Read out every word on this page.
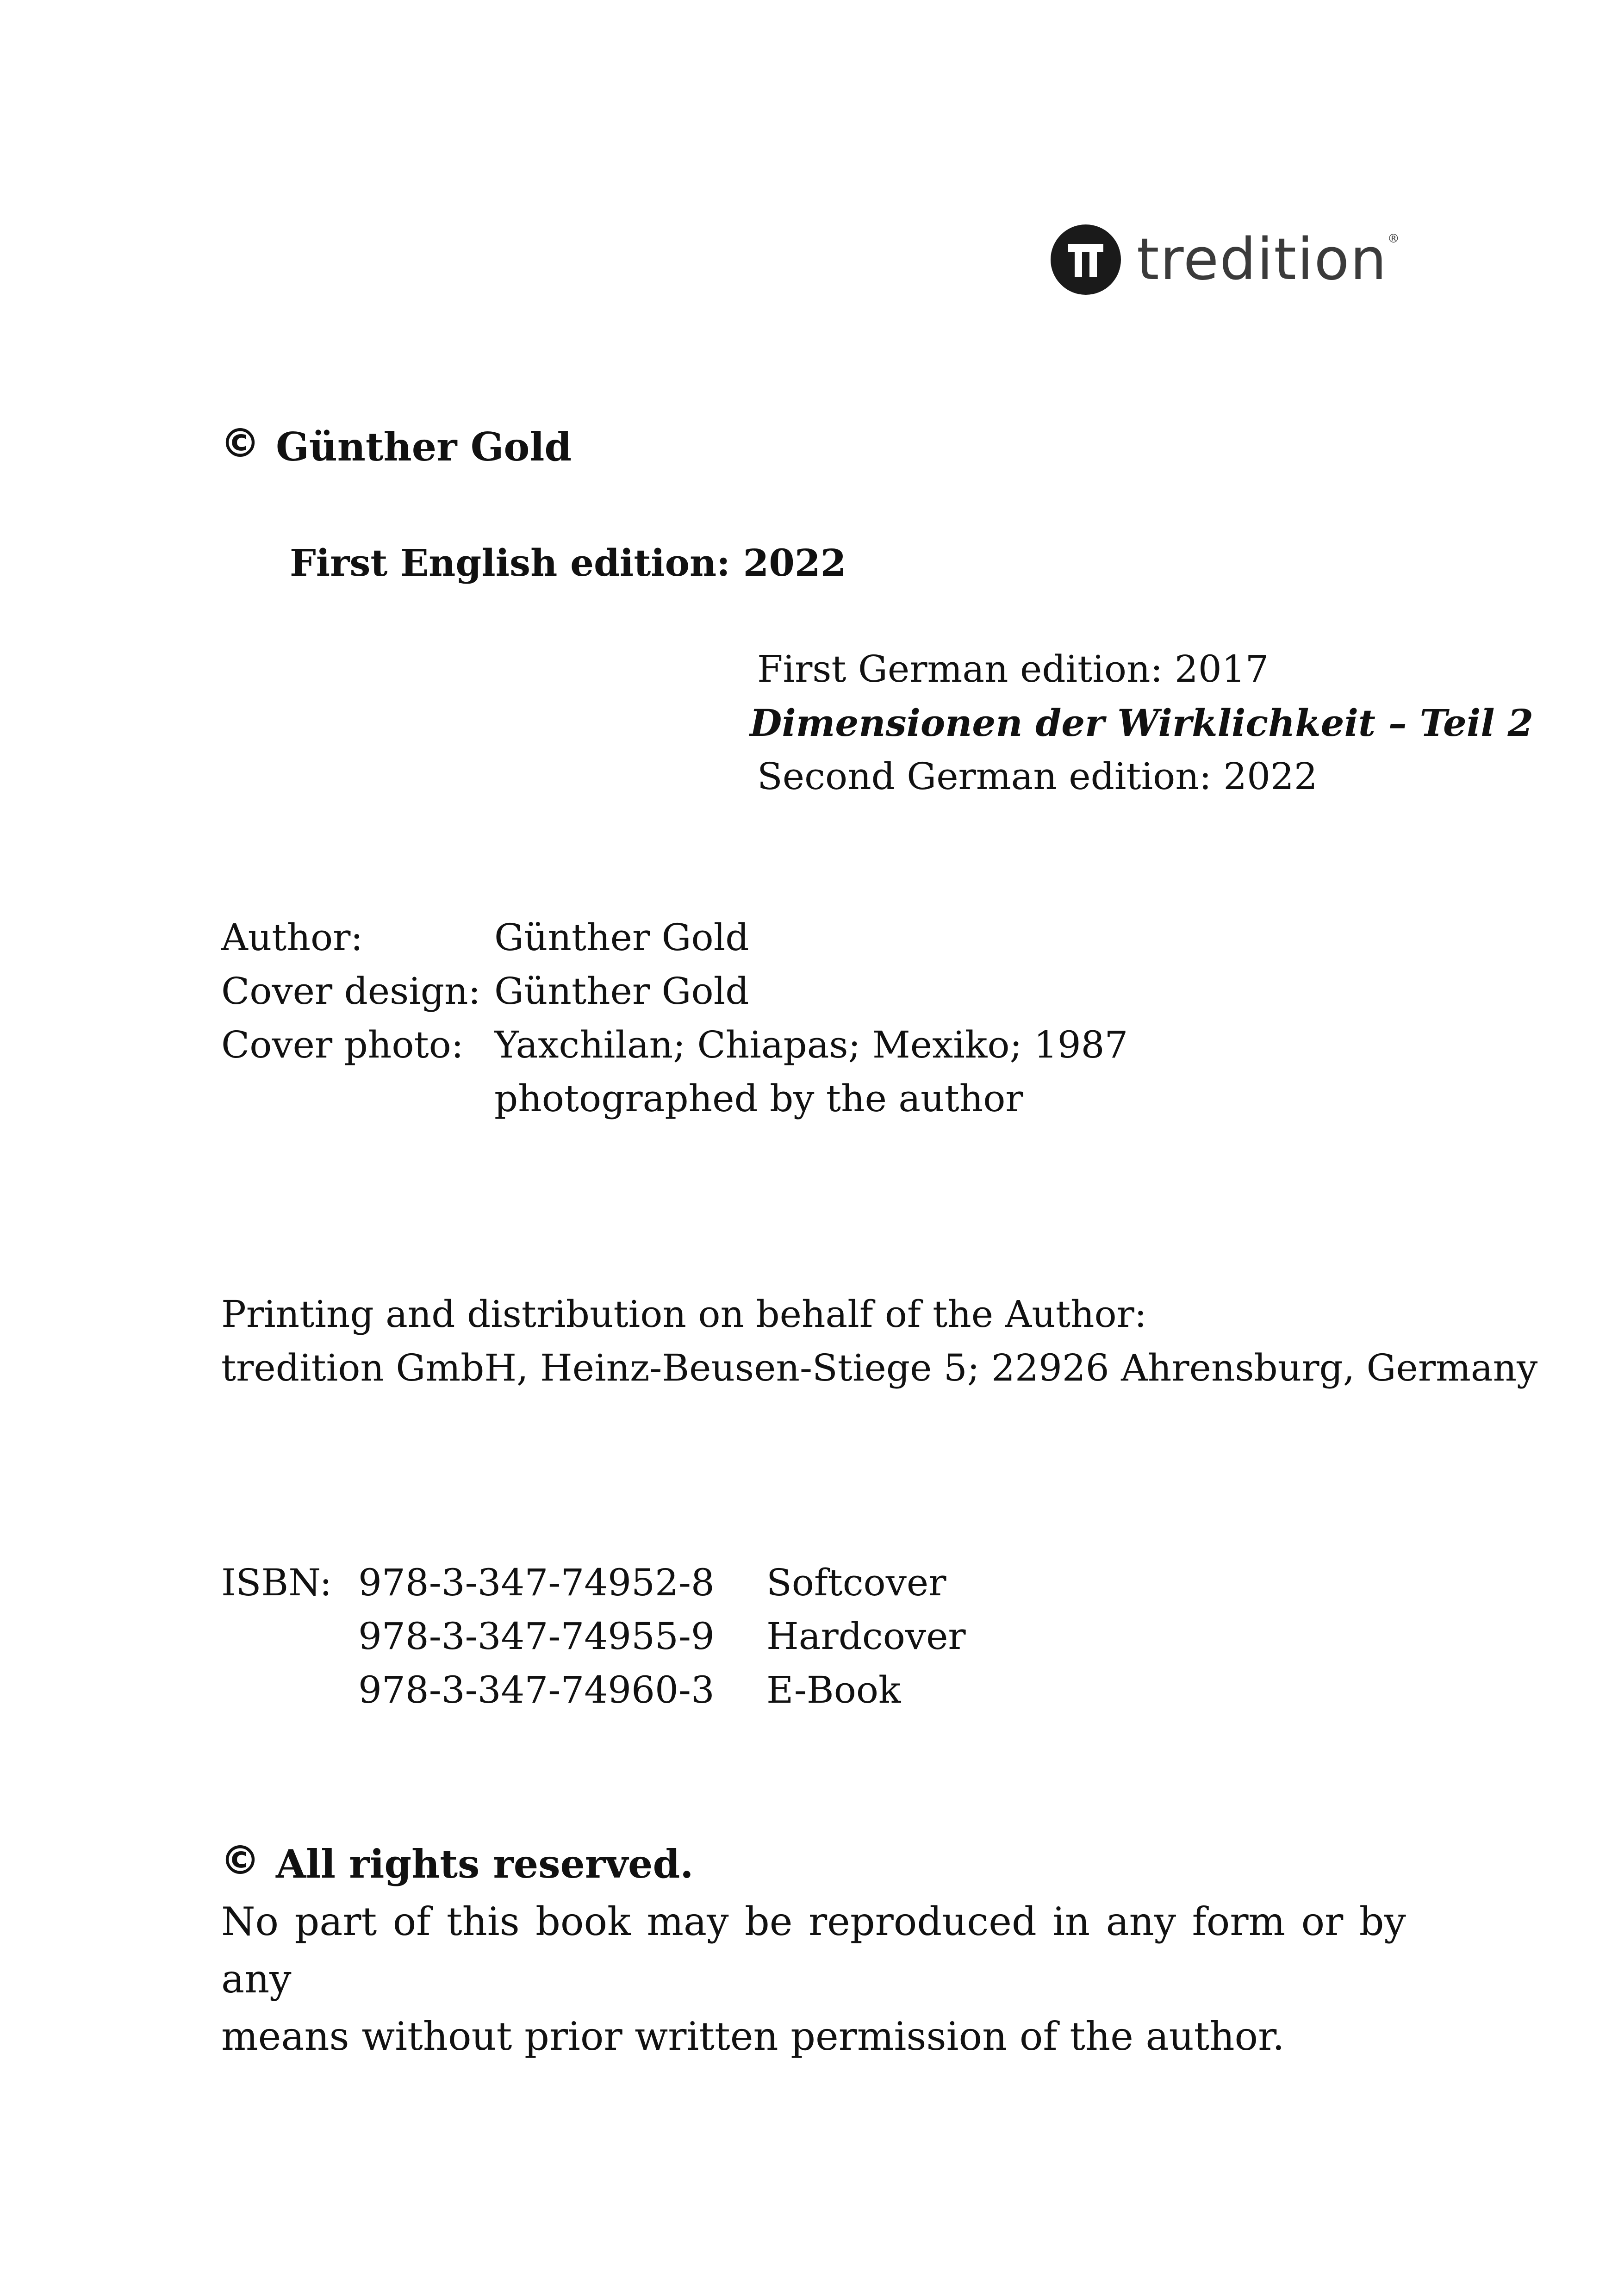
tredition®
© Günther Gold
First English edition: 2022
First German edition: 2017
Dimensionen der Wirklichkeit – Teil 2
Second German edition: 2022
Author:	Günther Gold
Cover design: Günther Gold
Cover photo: Yaxchilan; Chiapas; Mexiko; 1987
photographed by the author
Printing and distribution on behalf of the Author:
tredition GmbH, Heinz-Beusen-Stiege 5; 22926 Ahrensburg, Germany
ISBN: 978-3-347-74952-8 Softcover
978-3-347-74955-9 Hardcover
978-3-347-74960-3 E-Book
© All rights reserved.
No part of this book may be reproduced in any form or by any
means without prior written permission of the author.
